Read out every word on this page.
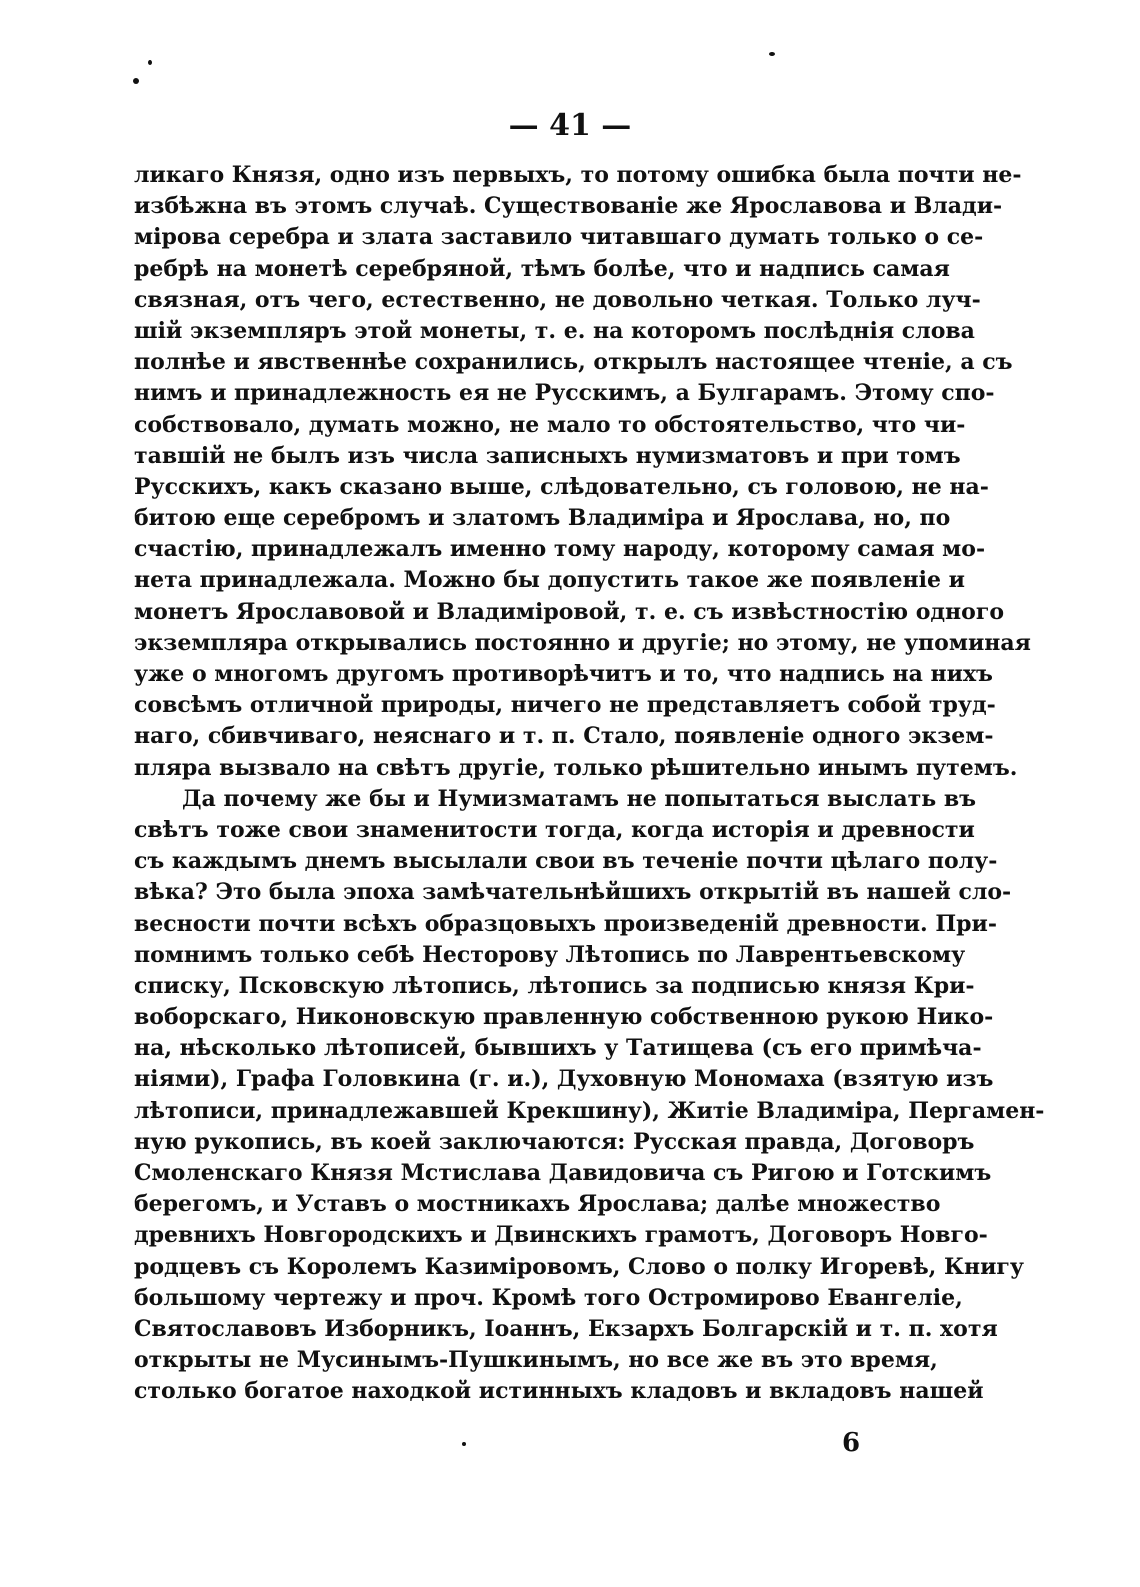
— 41 —
ликаго Князя, одно изъ первыхъ, то потому ошибка была почти не-
избѣжна въ этомъ случаѣ. Существованіе же Ярославова и Влади-
мірова серебра и злата заставило читавшаго думать только о се-
ребрѣ на монетѣ серебряной, тѣмъ болѣе, что и надпись самая
связная, отъ чего, естественно, не довольно четкая. Только луч-
шій экземпляръ этой монеты, т. е. на которомъ послѣднія слова
полнѣе и явственнѣе сохранились, открылъ настоящее чтеніе, а съ
нимъ и принадлежность ея не Русскимъ, а Булгарамъ. Этому спо-
собствовало, думать можно, не мало то обстоятельство, что чи-
тавшій не былъ изъ числа записныхъ нумизматовъ и при томъ
Русскихъ, какъ сказано выше, слѣдовательно, съ головою, не на-
битою еще серебромъ и златомъ Владиміра и Ярослава, но, по
счастію, принадлежалъ именно тому народу, которому самая мо-
нета принадлежала. Можно бы допустить такое же появленіе и
монетъ Ярославовой и Владиміровой, т. е. съ извѣстностію одного
экземпляра открывались постоянно и другіе; но этому, не упоминая
уже о многомъ другомъ противорѣчитъ и то, что надпись на нихъ
совсѣмъ отличной природы, ничего не представляетъ собой труд-
наго, сбивчиваго, неяснаго и т. п. Стало, появленіе одного экзем-
пляра вызвало на свѣтъ другіе, только рѣшительно инымъ путемъ.
Да почему же бы и Нумизматамъ не попытаться выслать въ
свѣтъ тоже свои знаменитости тогда, когда исторія и древности
съ каждымъ днемъ высылали свои въ теченіе почти цѣлаго полу-
вѣка? Это была эпоха замѣчательнѣйшихъ открытій въ нашей сло-
весности почти всѣхъ образцовыхъ произведеній древности. При-
помнимъ только себѣ Несторову Лѣтопись по Лаврентьевскому
списку, Псковскую лѣтопись, лѣтопись за подписью князя Кри-
воборскаго, Никоновскую правленную собственною рукою Нико-
на, нѣсколько лѣтописей, бывшихъ у Татищева (съ его примѣча-
ніями), Графа Головкина (г. и.), Духовную Мономаха (взятую изъ
лѣтописи, принадлежавшей Крекшину), Житіе Владиміра, Пергамен-
ную рукопись, въ коей заключаются: Русская правда, Договоръ
Смоленскаго Князя Мстислава Давидовича съ Ригою и Готскимъ
берегомъ, и Уставъ о мостникахъ Ярослава; далѣе множество
древнихъ Новгородскихъ и Двинскихъ грамотъ, Договоръ Новго-
родцевъ съ Королемъ Казиміровомъ, Слово о полку Игоревѣ, Книгу
большому чертежу и проч. Кромѣ того Остромирово Евангеліе,
Святославовъ Изборникъ, Іоаннъ, Екзархъ Болгарскій и т. п. хотя
открыты не Мусинымъ-Пушкинымъ, но все же въ это время,
столько богатое находкой истинныхъ кладовъ и вкладовъ нашей
6
